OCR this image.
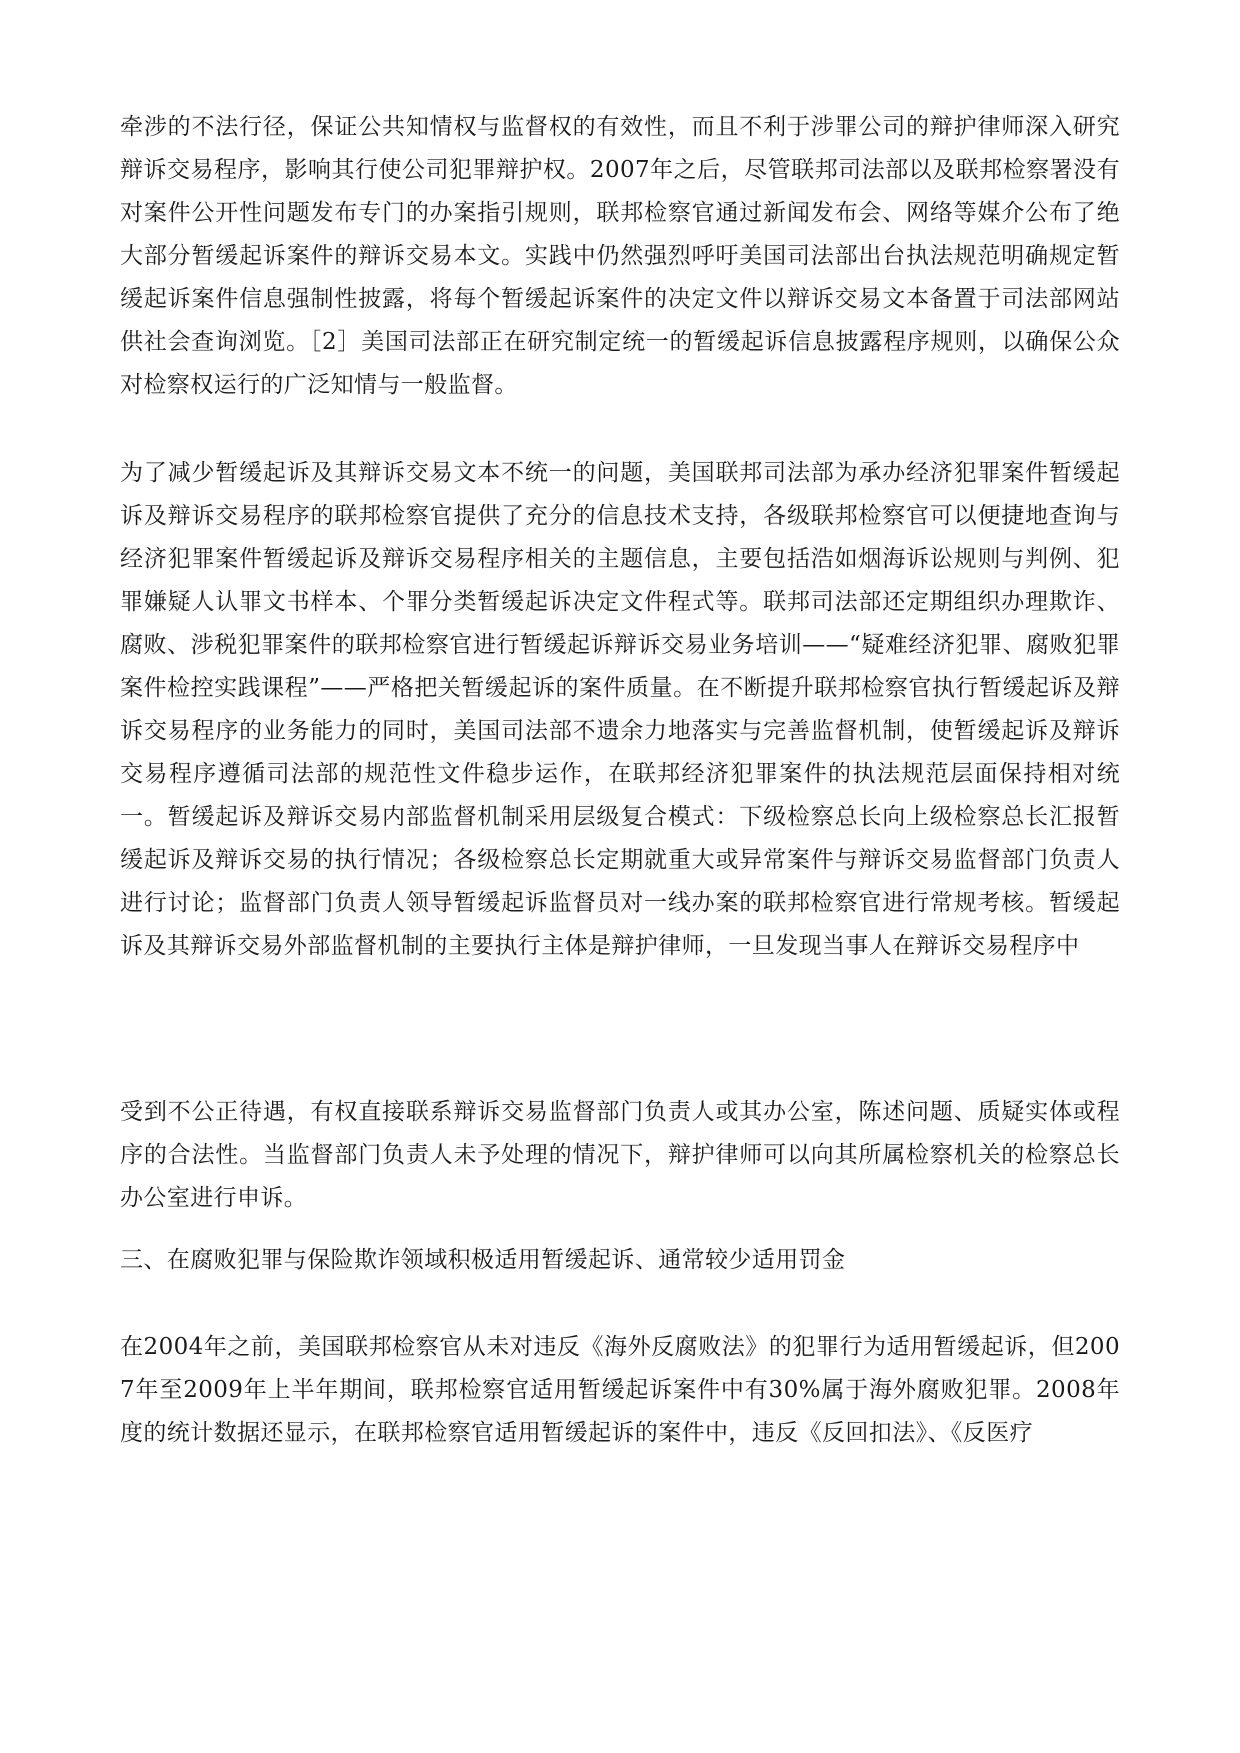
牵涉的不法行径，保证公共知情权与监督权的有效性，而且不利于涉罪公司的辩护律师深入研究辩诉交易程序，影响其行使公司犯罪辩护权。2007年之后，尽管联邦司法部以及联邦检察署没有对案件公开性问题发布专门的办案指引规则，联邦检察官通过新闻发布会、网络等媒介公布了绝大部分暂缓起诉案件的辩诉交易本文。实践中仍然强烈呼吁美国司法部出台执法规范明确规定暂缓起诉案件信息强制性披露，将每个暂缓起诉案件的决定文件以辩诉交易文本备置于司法部网站供社会查询浏览。［2］美国司法部正在研究制定统一的暂缓起诉信息披露程序规则，以确保公众对检察权运行的广泛知情与一般监督。

为了减少暂缓起诉及其辩诉交易文本不统一的问题，美国联邦司法部为承办经济犯罪案件暂缓起诉及辩诉交易程序的联邦检察官提供了充分的信息技术支持，各级联邦检察官可以便捷地查询与经济犯罪案件暂缓起诉及辩诉交易程序相关的主题信息，主要包括浩如烟海诉讼规则与判例、犯罪嫌疑人认罪文书样本、个罪分类暂缓起诉决定文件程式等。联邦司法部还定期组织办理欺诈、腐败、涉税犯罪案件的联邦检察官进行暂缓起诉辩诉交易业务培训——“疑难经济犯罪、腐败犯罪案件检控实践课程”——严格把关暂缓起诉的案件质量。在不断提升联邦检察官执行暂缓起诉及辩诉交易程序的业务能力的同时，美国司法部不遗余力地落实与完善监督机制，使暂缓起诉及辩诉交易程序遵循司法部的规范性文件稳步运作，在联邦经济犯罪案件的执法规范层面保持相对统一。暂缓起诉及辩诉交易内部监督机制采用层级复合模式：下级检察总长向上级检察总长汇报暂缓起诉及辩诉交易的执行情况；各级检察总长定期就重大或异常案件与辩诉交易监督部门负责人进行讨论；监督部门负责人领导暂缓起诉监督员对一线办案的联邦检察官进行常规考核。暂缓起诉及其辩诉交易外部监督机制的主要执行主体是辩护律师，一旦发现当事人在辩诉交易程序中

受到不公正待遇，有权直接联系辩诉交易监督部门负责人或其办公室，陈述问题、质疑实体或程序的合法性。当监督部门负责人未予处理的情况下，辩护律师可以向其所属检察机关的检察总长办公室进行申诉。

三、在腐败犯罪与保险欺诈领域积极适用暂缓起诉、通常较少适用罚金

在2004年之前，美国联邦检察官从未对违反《海外反腐败法》的犯罪行为适用暂缓起诉，但2007年至2009年上半年期间，联邦检察官适用暂缓起诉案件中有30%属于海外腐败犯罪。2008年度的统计数据还显示，在联邦检察官适用暂缓起诉的案件中，违反《反回扣法》、《反医疗
